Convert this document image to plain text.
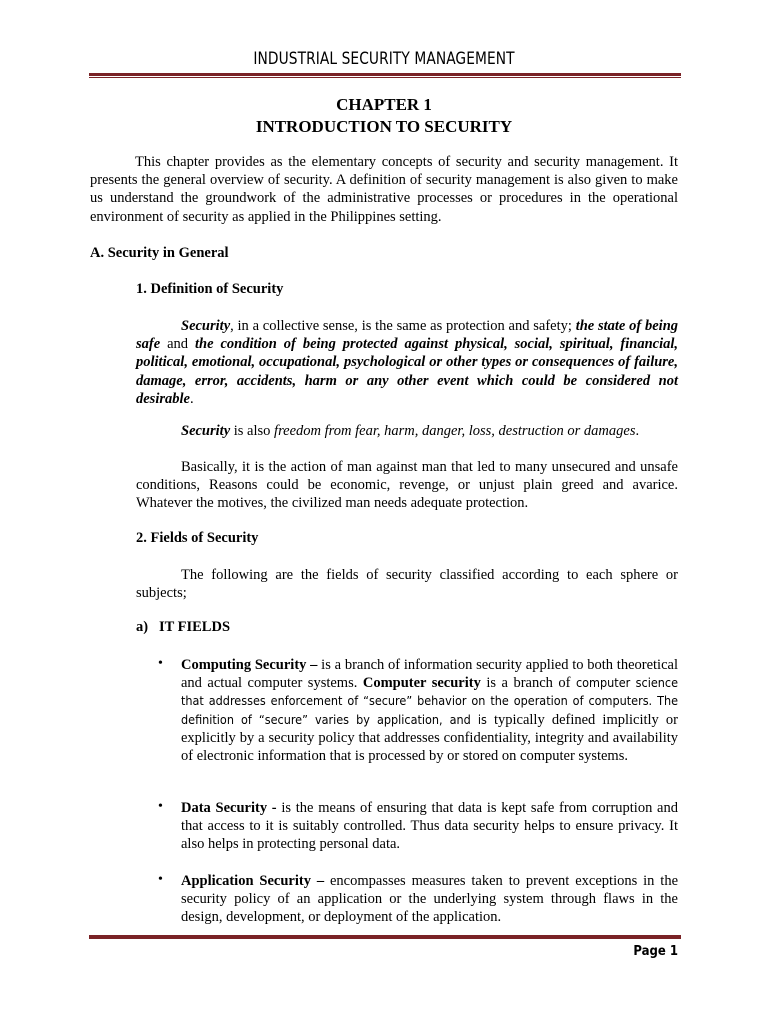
INDUSTRIAL SECURITY MANAGEMENT
CHAPTER 1
INTRODUCTION TO SECURITY

This chapter provides as the elementary concepts of security and security management. It presents the general overview of security. A definition of security management is also given to make us understand the groundwork of the administrative processes or procedures in the operational environment of security as applied in the Philippines setting.

A. Security in General
1. Definition of Security

Security, in a collective sense, is the same as protection and safety; the state of being safe and the condition of being protected against physical, social, spiritual, financial, political, emotional, occupational, psychological or other types or consequences of failure, damage, error, accidents, harm or any other event which could be considered not desirable.

Security is also freedom from fear, harm, danger, loss, destruction or damages.

Basically, it is the action of man against man that led to many unsecured and unsafe conditions, Reasons could be economic, revenge, or unjust plain greed and avarice. Whatever the motives, the civilized man needs adequate protection.

2. Fields of Security

The following are the fields of security classified according to each sphere or subjects;

a)   IT FIELDS
• Computing Security – is a branch of information security applied to both theoretical and actual computer systems. Computer security is a branch of computer science that addresses enforcement of “secure” behavior on the operation of computers. The definition of “secure” varies by application, and is typically defined implicitly or explicitly by a security policy that addresses confidentiality, integrity and availability of electronic information that is processed by or stored on computer systems.

• Data Security - is the means of ensuring that data is kept safe from corruption and that access to it is suitably controlled. Thus data security helps to ensure privacy. It also helps in protecting personal data.

• Application Security – encompasses measures taken to prevent exceptions in the security policy of an application or the underlying system through flaws in the design, development, or deployment of the application.

Page 1
